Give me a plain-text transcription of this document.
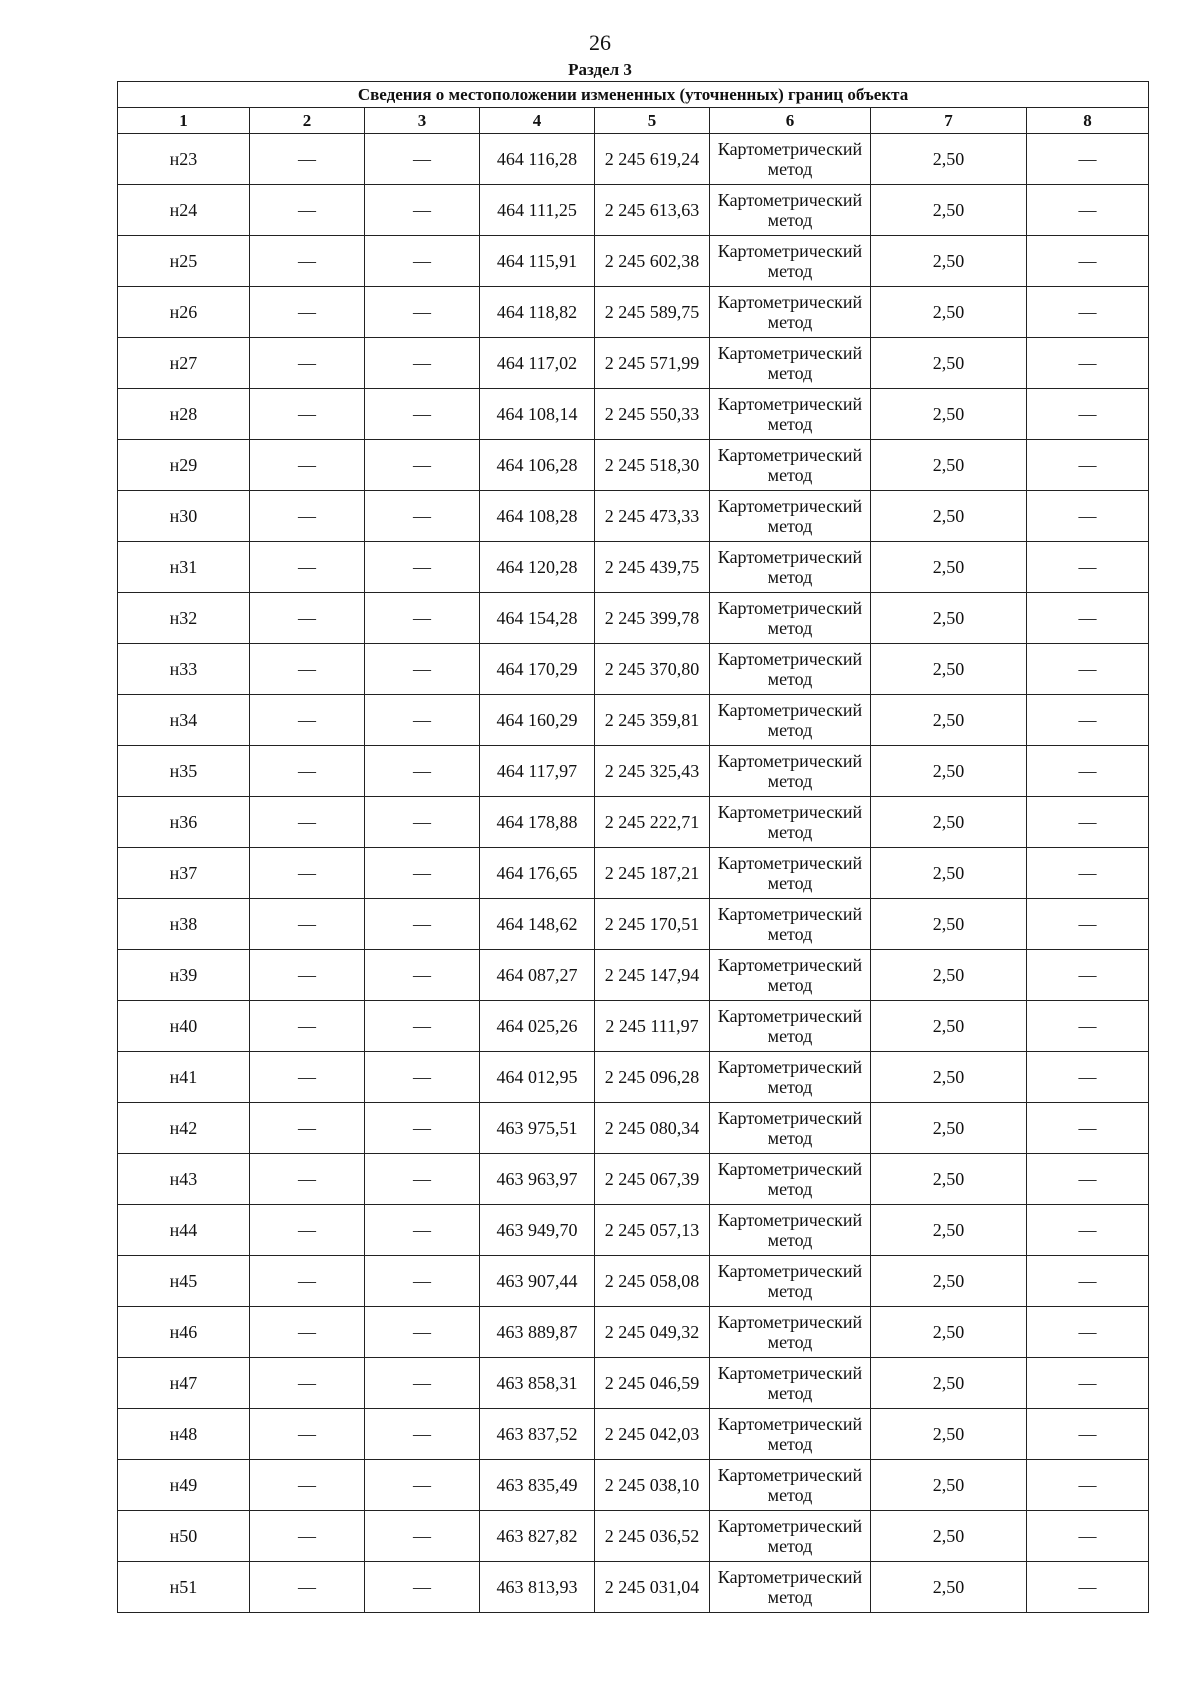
26
Раздел 3
Сведения о местоположении измененных (уточненных) границ объекта							
1	2	3	4	5	6	7	8
н23	—	—	464 116,28	2 245 619,24	Картометрический метод	2,50	—
н24	—	—	464 111,25	2 245 613,63	Картометрический метод	2,50	—
н25	—	—	464 115,91	2 245 602,38	Картометрический метод	2,50	—
н26	—	—	464 118,82	2 245 589,75	Картометрический метод	2,50	—
н27	—	—	464 117,02	2 245 571,99	Картометрический метод	2,50	—
н28	—	—	464 108,14	2 245 550,33	Картометрический метод	2,50	—
н29	—	—	464 106,28	2 245 518,30	Картометрический метод	2,50	—
н30	—	—	464 108,28	2 245 473,33	Картометрический метод	2,50	—
н31	—	—	464 120,28	2 245 439,75	Картометрический метод	2,50	—
н32	—	—	464 154,28	2 245 399,78	Картометрический метод	2,50	—
н33	—	—	464 170,29	2 245 370,80	Картометрический метод	2,50	—
н34	—	—	464 160,29	2 245 359,81	Картометрический метод	2,50	—
н35	—	—	464 117,97	2 245 325,43	Картометрический метод	2,50	—
н36	—	—	464 178,88	2 245 222,71	Картометрический метод	2,50	—
н37	—	—	464 176,65	2 245 187,21	Картометрический метод	2,50	—
н38	—	—	464 148,62	2 245 170,51	Картометрический метод	2,50	—
н39	—	—	464 087,27	2 245 147,94	Картометрический метод	2,50	—
н40	—	—	464 025,26	2 245 111,97	Картометрический метод	2,50	—
н41	—	—	464 012,95	2 245 096,28	Картометрический метод	2,50	—
н42	—	—	463 975,51	2 245 080,34	Картометрический метод	2,50	—
н43	—	—	463 963,97	2 245 067,39	Картометрический метод	2,50	—
н44	—	—	463 949,70	2 245 057,13	Картометрический метод	2,50	—
н45	—	—	463 907,44	2 245 058,08	Картометрический метод	2,50	—
н46	—	—	463 889,87	2 245 049,32	Картометрический метод	2,50	—
н47	—	—	463 858,31	2 245 046,59	Картометрический метод	2,50	—
н48	—	—	463 837,52	2 245 042,03	Картометрический метод	2,50	—
н49	—	—	463 835,49	2 245 038,10	Картометрический метод	2,50	—
н50	—	—	463 827,82	2 245 036,52	Картометрический метод	2,50	—
н51	—	—	463 813,93	2 245 031,04	Картометрический метод	2,50	—
